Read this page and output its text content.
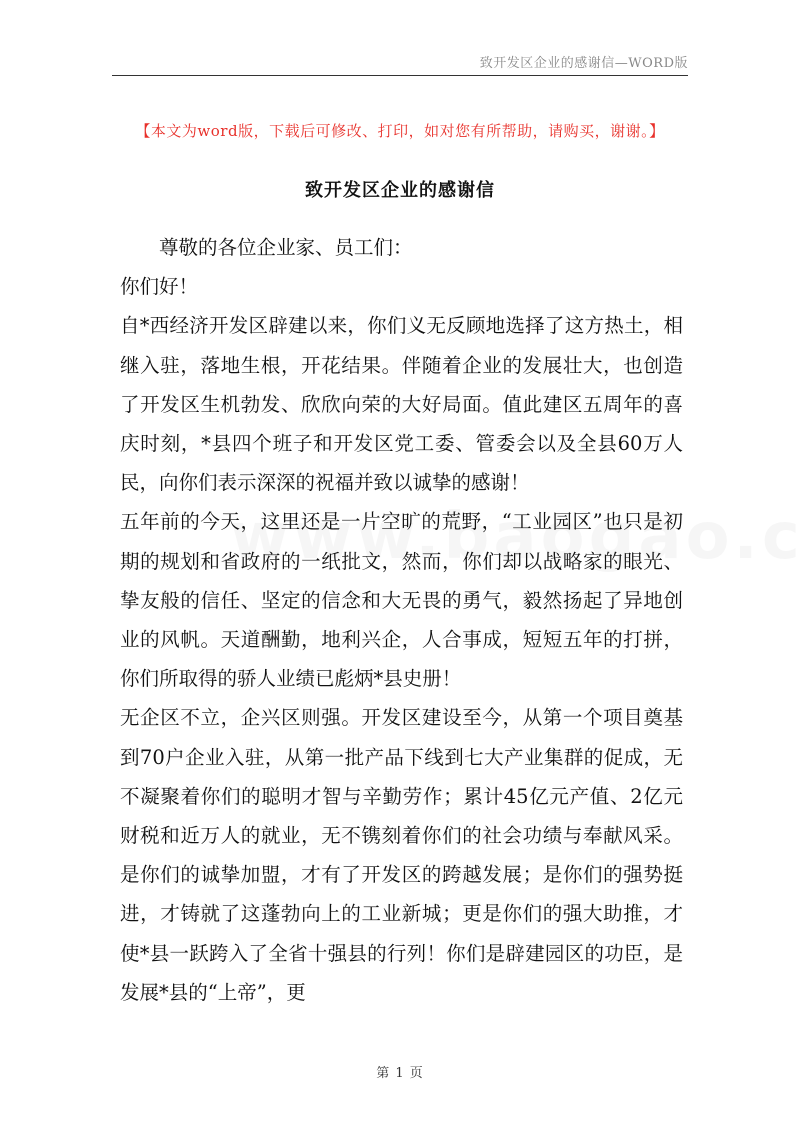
致开发区企业的感谢信—WORD版
【本文为word版，下载后可修改、打印，如对您有所帮助，请购买，谢谢。】
致开发区企业的感谢信

尊敬的各位企业家、员工们：

你们好！

自*西经济开发区辟建以来，你们义无反顾地选择了这方热土，相继入驻，落地生根，开花结果。伴随着企业的发展壮大，也创造了开发区生机勃发、欣欣向荣的大好局面。值此建区五周年的喜庆时刻，*县四个班子和开发区党工委、管委会以及全县60万人民，向你们表示深深的祝福并致以诚挚的感谢！

五年前的今天，这里还是一片空旷的荒野，“工业园区”也只是初期的规划和省政府的一纸批文，然而，你们却以战略家的眼光、挚友般的信任、坚定的信念和大无畏的勇气，毅然扬起了异地创业的风帆。天道酬勤，地利兴企，人合事成，短短五年的打拼，你们所取得的骄人业绩已彪炳*县史册！

无企区不立，企兴区则强。开发区建设至今，从第一个项目奠基到70户企业入驻，从第一批产品下线到七大产业集群的促成，无不凝聚着你们的聪明才智与辛勤劳作；累计45亿元产值、2亿元财税和近万人的就业，无不镌刻着你们的社会功绩与奉献风采。是你们的诚挚加盟，才有了开发区的跨越发展；是你们的强势挺进，才铸就了这蓬勃向上的工业新城；更是你们的强大助推，才使*县一跃跨入了全省十强县的行列！你们是辟建园区的功臣，是发展*县的“上帝”，更

第 1 页
